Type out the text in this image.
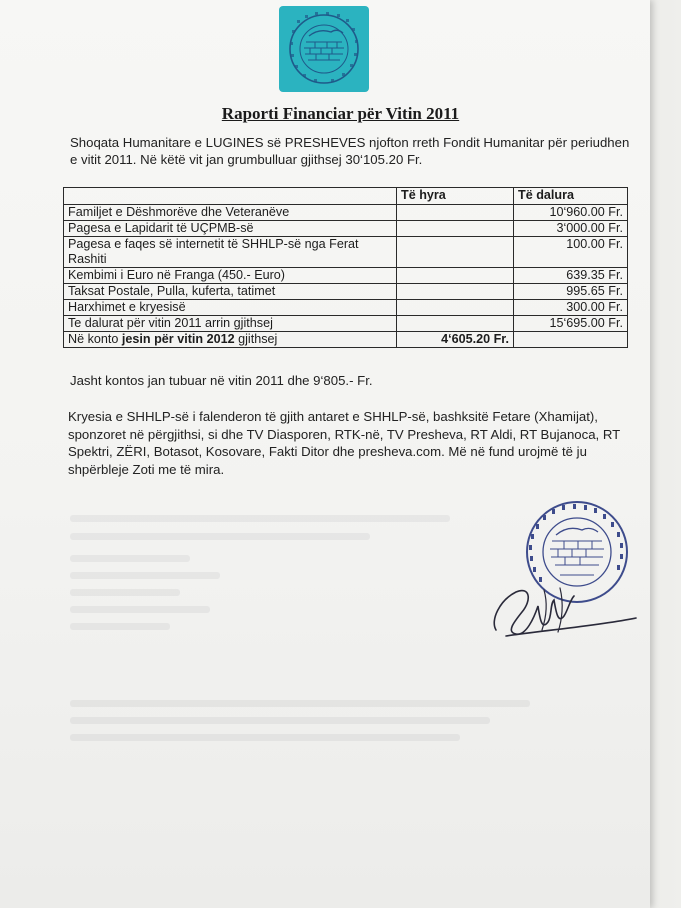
Raporti Financiar për Vitin 2011
Shoqata Humanitare e LUGINES së PRESHEVES njofton rreth Fondit Humanitar për periudhen e vitit 2011. Në këtë vit jan grumbulluar gjithsej 30‘105.20 Fr.
	Të hyra	Të dalura
Familjet e Dëshmorëve dhe Veteranëve		10‘960.00 Fr.
Pagesa e Lapidarit të UÇPMB-së		3‘000.00 Fr.
Pagesa e faqes së internetit të SHHLP-së nga Ferat Rashiti		100.00 Fr.
Kembimi i Euro në Franga (450.- Euro)		639.35 Fr.
Taksat Postale, Pulla, kuferta, tatimet		995.65 Fr.
Harxhimet e kryesisë		300.00 Fr.
Te dalurat për vitin 2011 arrin gjithsej		15‘695.00 Fr.
Në konto jesin për vitin 2012 gjithsej	4‘605.20 Fr.	
Jasht kontos jan tubuar në vitin 2011 dhe 9‘805.- Fr.
Kryesia e SHHLP-së i falenderon të gjith antaret e SHHLP-së, bashksitë Fetare (Xhamijat), sponzoret në përgjithsi, si dhe TV Diasporen, RTK-në, TV Presheva, RT Aldi, RT Bujanoca, RT Spektri, ZËRI, Botasot, Kosovare, Fakti Ditor dhe presheva.com. Më në fund urojmë të ju shpërbleje Zoti me të mira.
